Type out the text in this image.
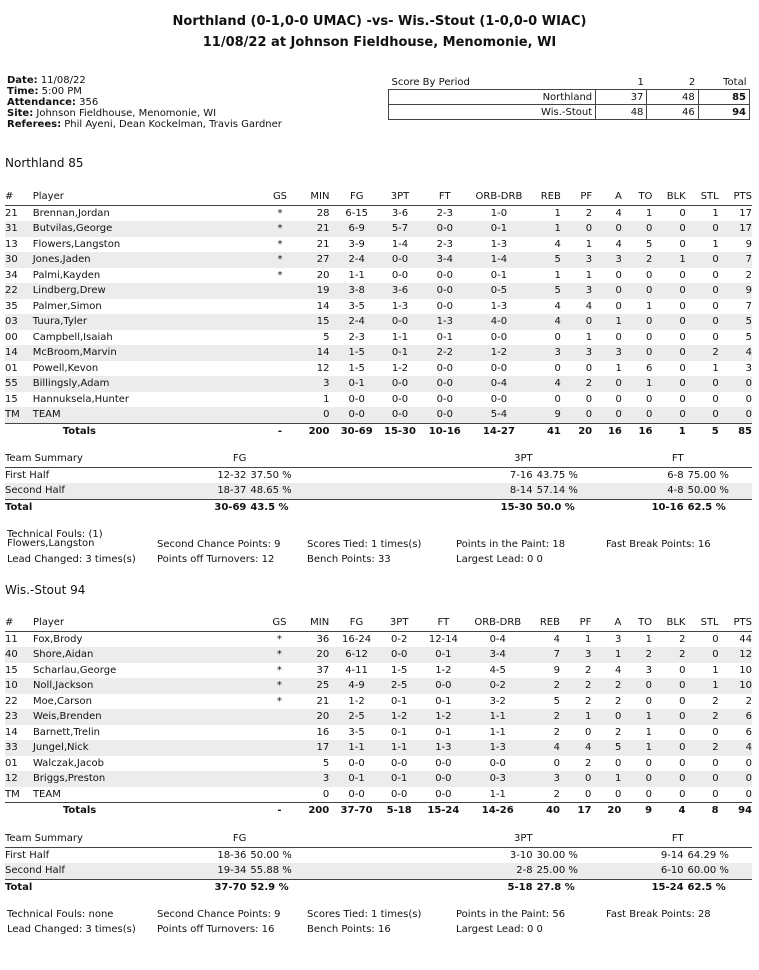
Northland (0-1,0-0 UMAC) -vs- Wis.-Stout (1-0,0-0 WIAC)
11/08/22 at Johnson Fieldhouse, Menomonie, WI
Date: 11/08/22
Time: 5:00 PM
Attendance: 356
Site: Johnson Fieldhouse, Menomonie, WI
Referees: Phil Ayeni, Dean Kockelman, Travis Gardner
Score By Period	1	2	Total
Northland	37	48	85
Wis.-Stout	48	46	94
Northland 85
#	Player	GS	MIN	FG	3PT	FT	ORB-DRB	REB	PF	A	TO	BLK	STL	PTS
21	Brennan,Jordan	*	28	6-15	3-6	2-3	1-0	1	2	4	1	0	1	17
31	Butvilas,George	*	21	6-9	5-7	0-0	0-1	1	0	0	0	0	0	17
13	Flowers,Langston	*	21	3-9	1-4	2-3	1-3	4	1	4	5	0	1	9
30	Jones,Jaden	*	27	2-4	0-0	3-4	1-4	5	3	3	2	1	0	7
34	Palmi,Kayden	*	20	1-1	0-0	0-0	0-1	1	1	0	0	0	0	2
22	Lindberg,Drew		19	3-8	3-6	0-0	0-5	5	3	0	0	0	0	9
35	Palmer,Simon		14	3-5	1-3	0-0	1-3	4	4	0	1	0	0	7
03	Tuura,Tyler		15	2-4	0-0	1-3	4-0	4	0	1	0	0	0	5
00	Campbell,Isaiah		5	2-3	1-1	0-1	0-0	0	1	0	0	0	0	5
14	McBroom,Marvin		14	1-5	0-1	2-2	1-2	3	3	3	0	0	2	4
01	Powell,Kevon		12	1-5	1-2	0-0	0-0	0	0	1	6	0	1	3
55	Billingsly,Adam		3	0-1	0-0	0-0	0-4	4	2	0	1	0	0	0
15	Hannuksela,Hunter		1	0-0	0-0	0-0	0-0	0	0	0	0	0	0	0
TM	TEAM		0	0-0	0-0	0-0	5-4	9	0	0	0	0	0	0
	Totals	-	200	30-69	15-30	10-16	14-27	41	20	16	16	1	5	85
Team Summary	FG		3PT		FT	
First Half	12-32	37.50 %	7-16	43.75 %	6-8	75.00 %
Second Half	18-37	48.65 %	8-14	57.14 %	4-8	50.00 %
Total	30-69	43.5 %	15-30	50.0 %	10-16	62.5 %
Technical Fouls: (1)
Flowers,Langston
Lead Changed: 3 times(s)
Second Chance Points: 9
Points off Turnovers: 12
Scores Tied: 1 times(s)
Bench Points: 33
Points in the Paint: 18
Largest Lead: 0 0
Fast Break Points: 16
Wis.-Stout 94
#	Player	GS	MIN	FG	3PT	FT	ORB-DRB	REB	PF	A	TO	BLK	STL	PTS
11	Fox,Brody	*	36	16-24	0-2	12-14	0-4	4	1	3	1	2	0	44
40	Shore,Aidan	*	20	6-12	0-0	0-1	3-4	7	3	1	2	2	0	12
15	Scharlau,George	*	37	4-11	1-5	1-2	4-5	9	2	4	3	0	1	10
10	Noll,Jackson	*	25	4-9	2-5	0-0	0-2	2	2	2	0	0	1	10
22	Moe,Carson	*	21	1-2	0-1	0-1	3-2	5	2	2	0	0	2	2
23	Weis,Brenden		20	2-5	1-2	1-2	1-1	2	1	0	1	0	2	6
14	Barnett,Trelin		16	3-5	0-1	0-1	1-1	2	0	2	1	0	0	6
33	Jungel,Nick		17	1-1	1-1	1-3	1-3	4	4	5	1	0	2	4
01	Walczak,Jacob		5	0-0	0-0	0-0	0-0	0	2	0	0	0	0	0
12	Briggs,Preston		3	0-1	0-1	0-0	0-3	3	0	1	0	0	0	0
TM	TEAM		0	0-0	0-0	0-0	1-1	2	0	0	0	0	0	0
	Totals	-	200	37-70	5-18	15-24	14-26	40	17	20	9	4	8	94
Team Summary	FG		3PT		FT	
First Half	18-36	50.00 %	3-10	30.00 %	9-14	64.29 %
Second Half	19-34	55.88 %	2-8	25.00 %	6-10	60.00 %
Total	37-70	52.9 %	5-18	27.8 %	15-24	62.5 %
Technical Fouls: none
Lead Changed: 3 times(s)
Second Chance Points: 9
Points off Turnovers: 16
Scores Tied: 1 times(s)
Bench Points: 16
Points in the Paint: 56
Largest Lead: 0 0
Fast Break Points: 28
